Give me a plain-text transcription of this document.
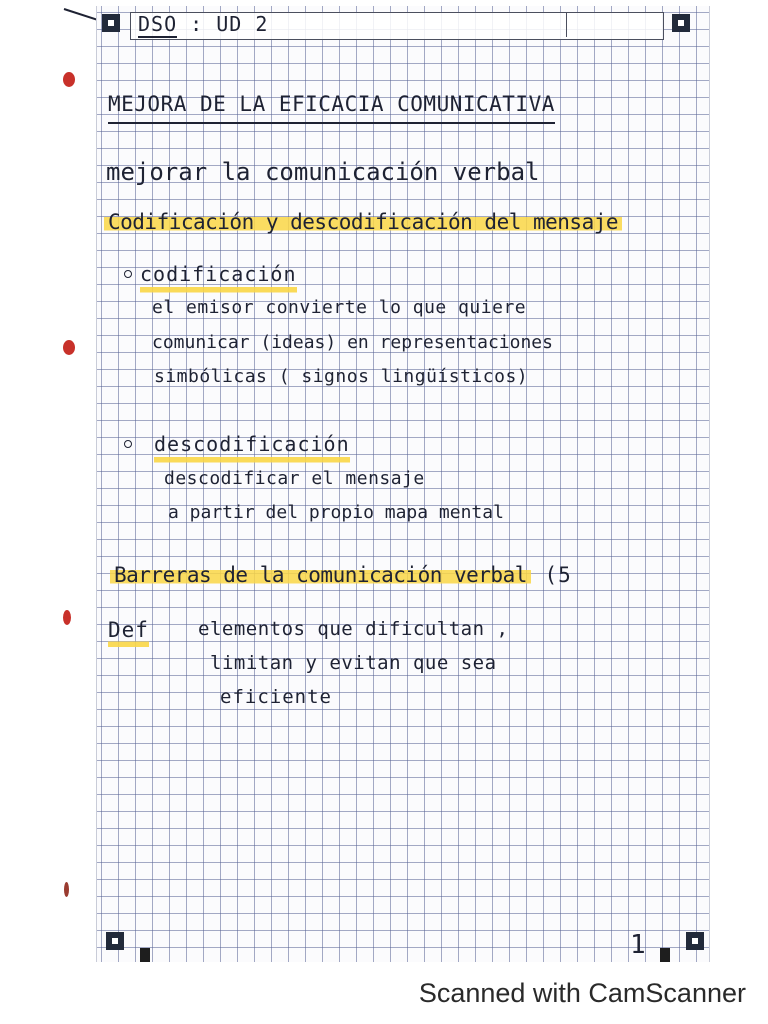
DSO : UD 2
MEJORA DE LA EFICACIA COMUNICATIVA
mejorar la comunicación verbal
Codificación y descodificación del mensaje
codificación
el emisor convierte lo que quiere
comunicar (ideas) en representaciones
simbólicas ( signos lingüísticos)
descodificación
descodificar el mensaje
a partir del propio mapa mental
Barreras de la comunicación verbal (5
Def	elementos que dificultan ,
limitan y evitan que sea
eficiente
1
Scanned with CamScanner
